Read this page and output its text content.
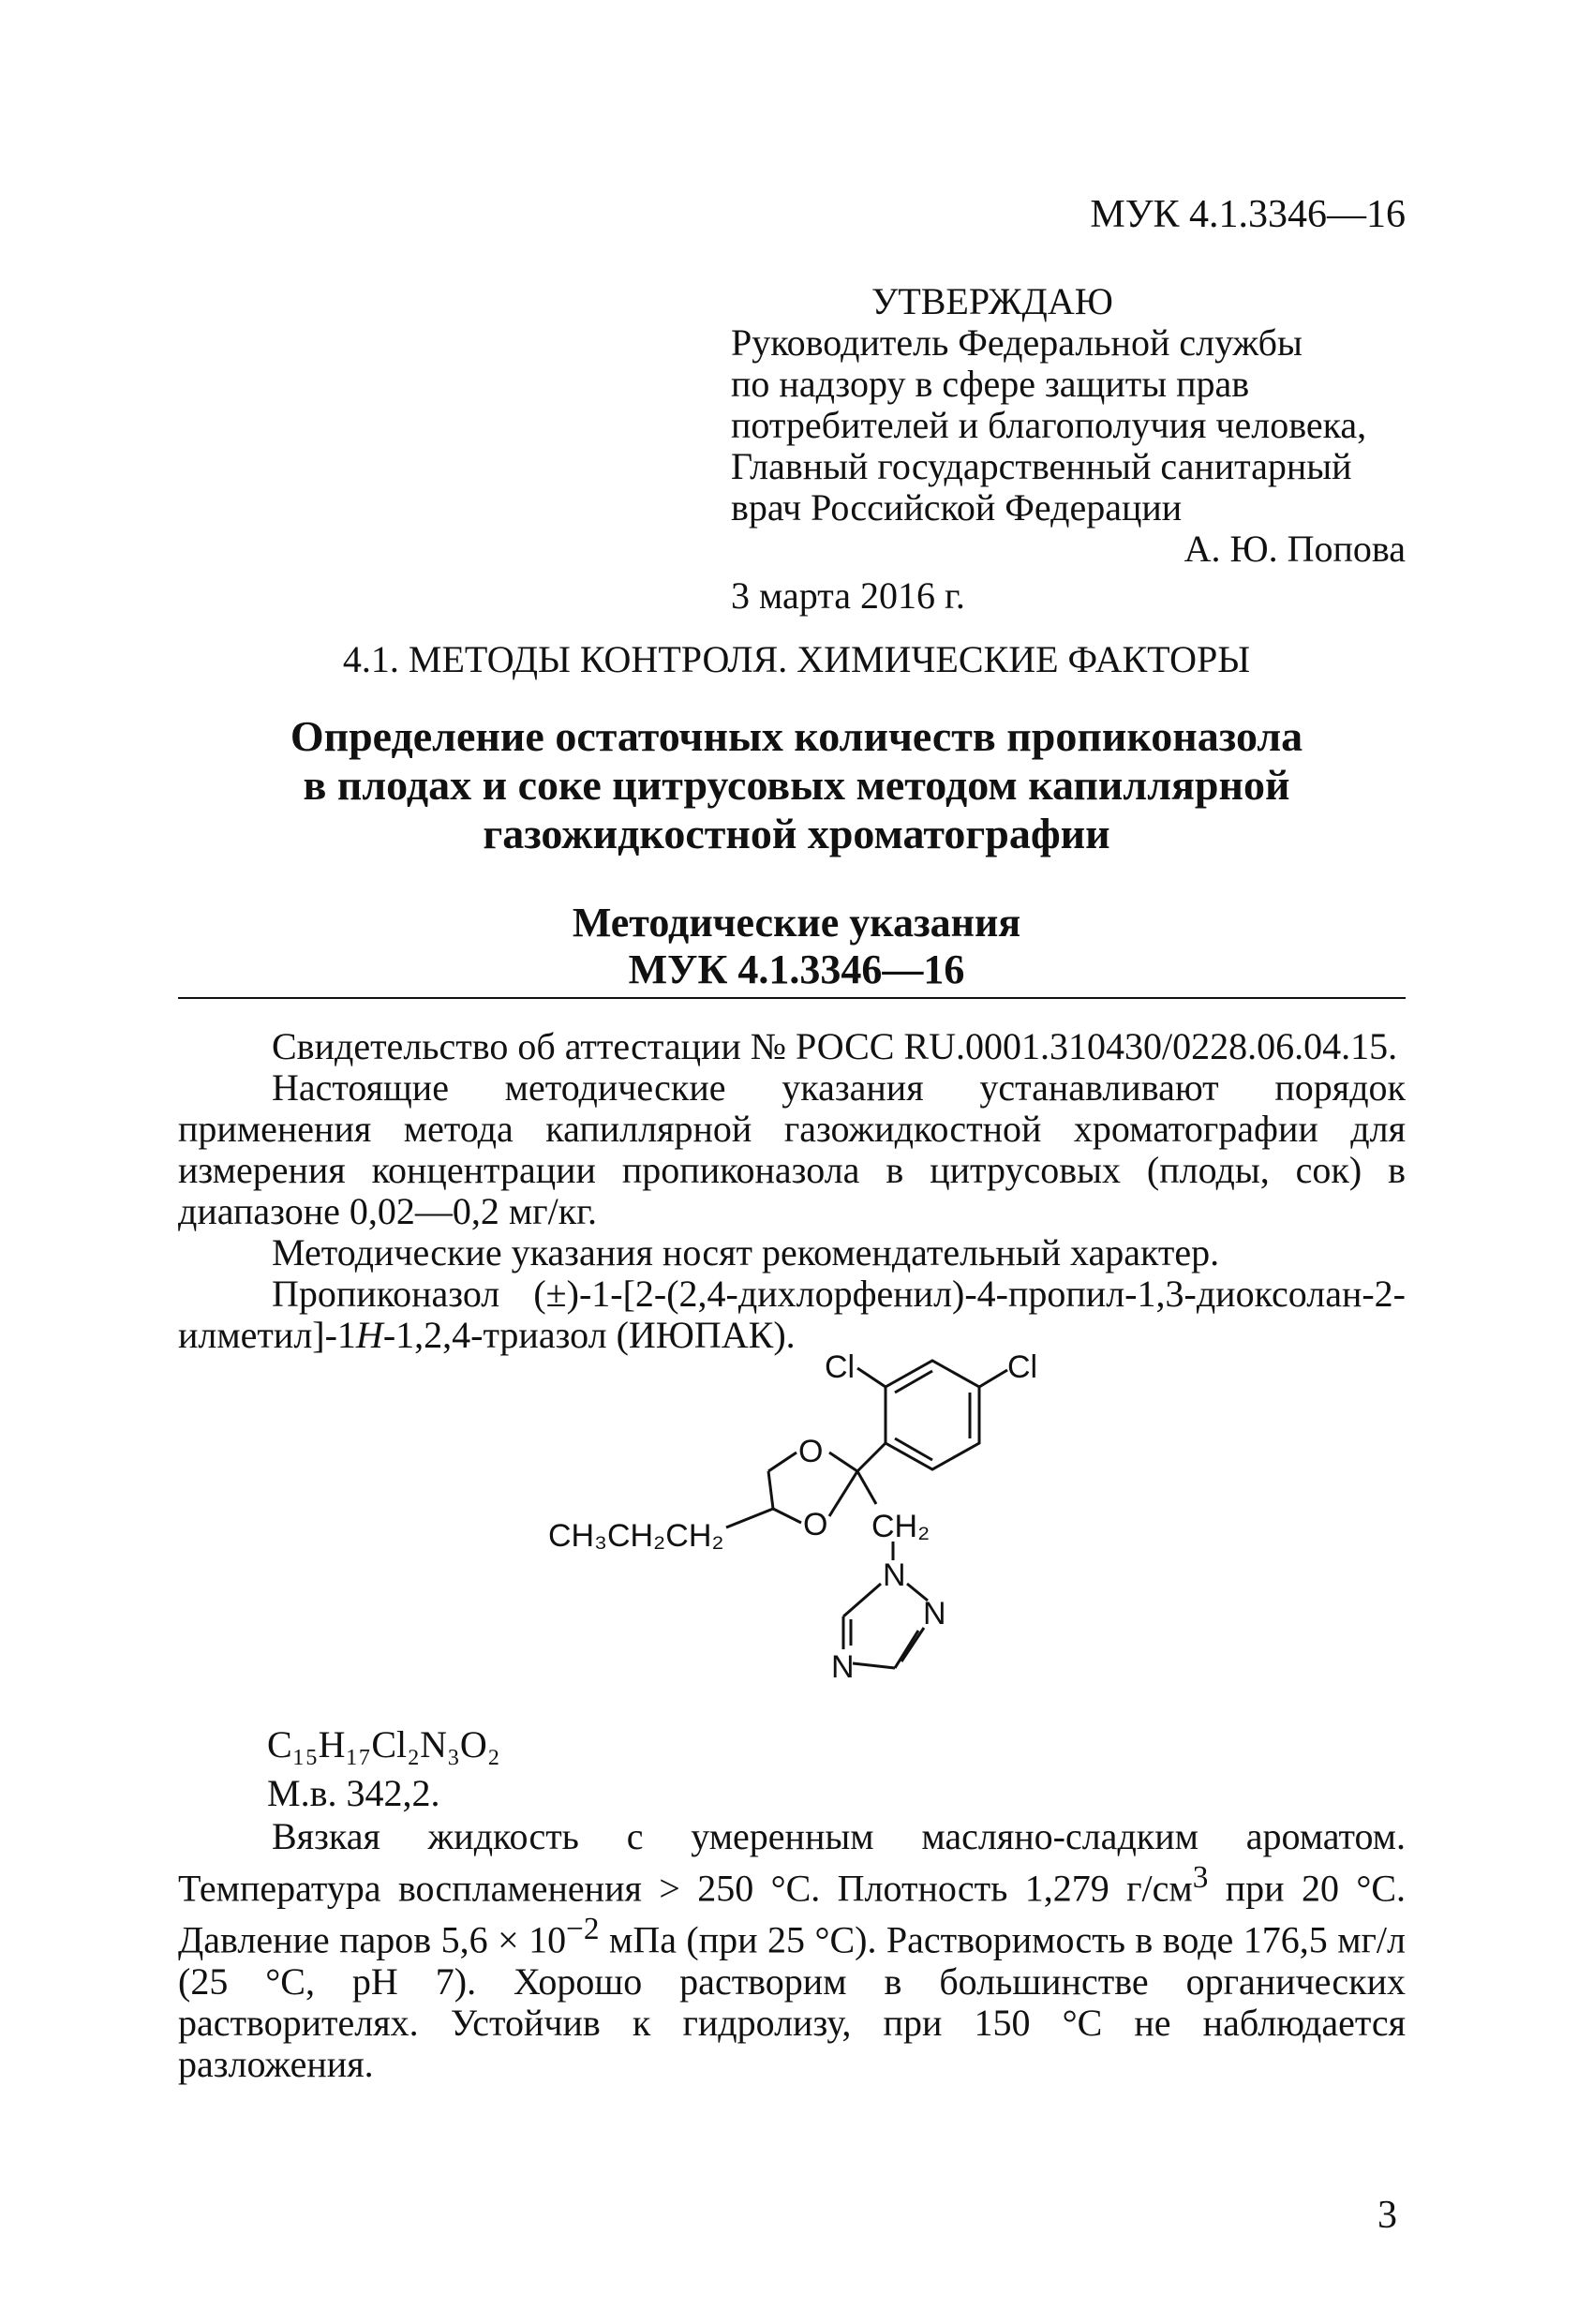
МУК 4.1.3346—16
УТВЕРЖДАЮ
Руководитель Федеральной службы
по надзору в сфере защиты прав
потребителей и благополучия человека,
Главный государственный санитарный
врач Российской Федерации
А. Ю. Попова
3 марта 2016 г.
4.1. МЕТОДЫ КОНТРОЛЯ. ХИМИЧЕСКИЕ ФАКТОРЫ
Определение остаточных количеств пропиконазола
в плодах и соке цитрусовых методом капиллярной
газожидкостной хроматографии
Методические указания
МУК 4.1.3346—16
Свидетельство об аттестации № РОСС RU.0001.310430/0228.06.04.15.
Настоящие методические указания устанавливают порядок применения метода капиллярной газожидкостной хроматографии для измерения концентрации пропиконазола в цитрусовых (плоды, сок) в диапазоне 0,02—0,2 мг/кг.
Методические указания носят рекомендательный характер.
Пропиконазол (±)-1-[2-(2,4-дихлорфенил)-4-пропил-1,3-диоксолан-2-илметил]-1H-1,2,4-триазол (ИЮПАК).
Cl	Cl
O
O
CH₃CH₂CH₂	CH₂
N
N
N
C₁₅H₁₇Cl₂N₃O₂
М.в. 342,2.
Вязкая жидкость с умеренным масляно-сладким ароматом. Температура воспламенения > 250 °С. Плотность 1,279 $г/см^3$ при 20 °С. Давление паров $5,6 \times 10^{-2}$ мПа (при 25 °С). Растворимость в воде 176,5 мг/л (25 °С, рН 7). Хорошо растворим в большинстве органических растворителях. Устойчив к гидролизу, при 150 °С не наблюдается разложения.
3
